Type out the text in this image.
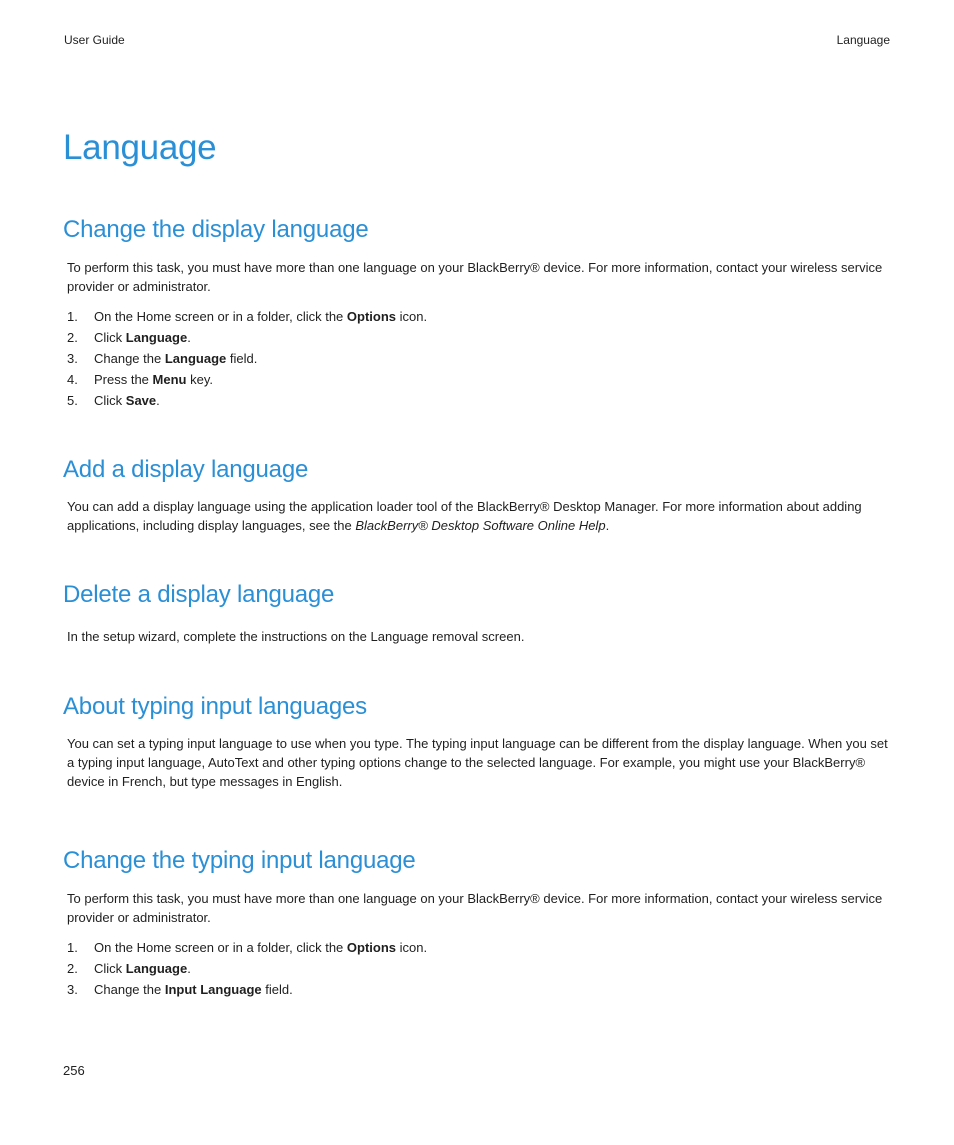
User Guide	Language
Language
Change the display language

To perform this task, you must have more than one language on your BlackBerry® device. For more information, contact your wireless service provider or administrator.

1. On the Home screen or in a folder, click the Options icon.
2. Click Language.
3. Change the Language field.
4. Press the Menu key.
5. Click Save.
Add a display language

You can add a display language using the application loader tool of the BlackBerry® Desktop Manager. For more information about adding applications, including display languages, see the BlackBerry® Desktop Software Online Help.

Delete a display language

In the setup wizard, complete the instructions on the Language removal screen.

About typing input languages

You can set a typing input language to use when you type. The typing input language can be different from the display language. When you set a typing input language, AutoText and other typing options change to the selected language. For example, you might use your BlackBerry® device in French, but type messages in English.

Change the typing input language

To perform this task, you must have more than one language on your BlackBerry® device. For more information, contact your wireless service provider or administrator.

1. On the Home screen or in a folder, click the Options icon.
2. Click Language.
3. Change the Input Language field.
256
